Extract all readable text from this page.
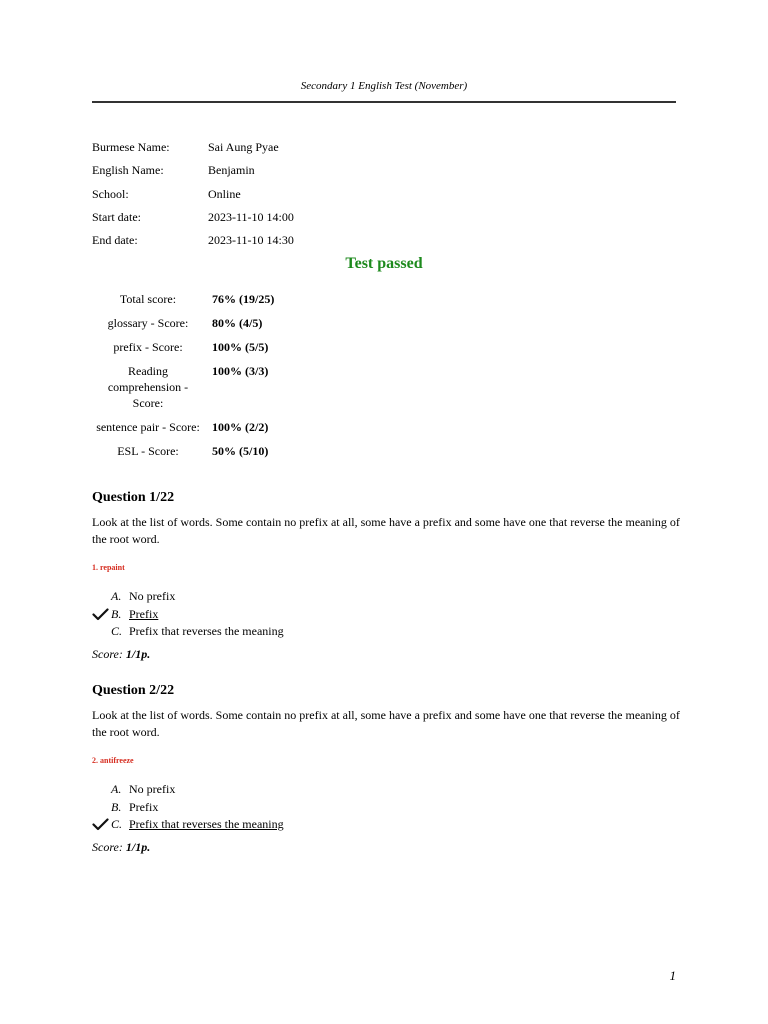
Secondary 1 English Test (November)
Burmese Name:	Sai Aung Pyae
English Name:	Benjamin
School:	Online
Start date:	2023-11-10 14:00
End date:	2023-11-10 14:30
Test passed
Total score:	76% (19/25)
glossary - Score:	80% (4/5)
prefix - Score:	100% (5/5)
Reading comprehension - Score:
100% (3/3)
sentence pair - Score: 100% (2/2)
ESL - Score:	50% (5/10)
Question 1/22
Look at the list of words. Some contain no prefix at all, some have a prefix and some have one that reverse the meaning of the root word.
1. repaint
A. No prefix
B. Prefix
C. Prefix that reverses the meaning
Score: 1/1p.
Question 2/22
Look at the list of words. Some contain no prefix at all, some have a prefix and some have one that reverse the meaning of the root word.
2. antifreeze
A. No prefix
B. Prefix
C. Prefix that reverses the meaning
Score: 1/1p.
1
